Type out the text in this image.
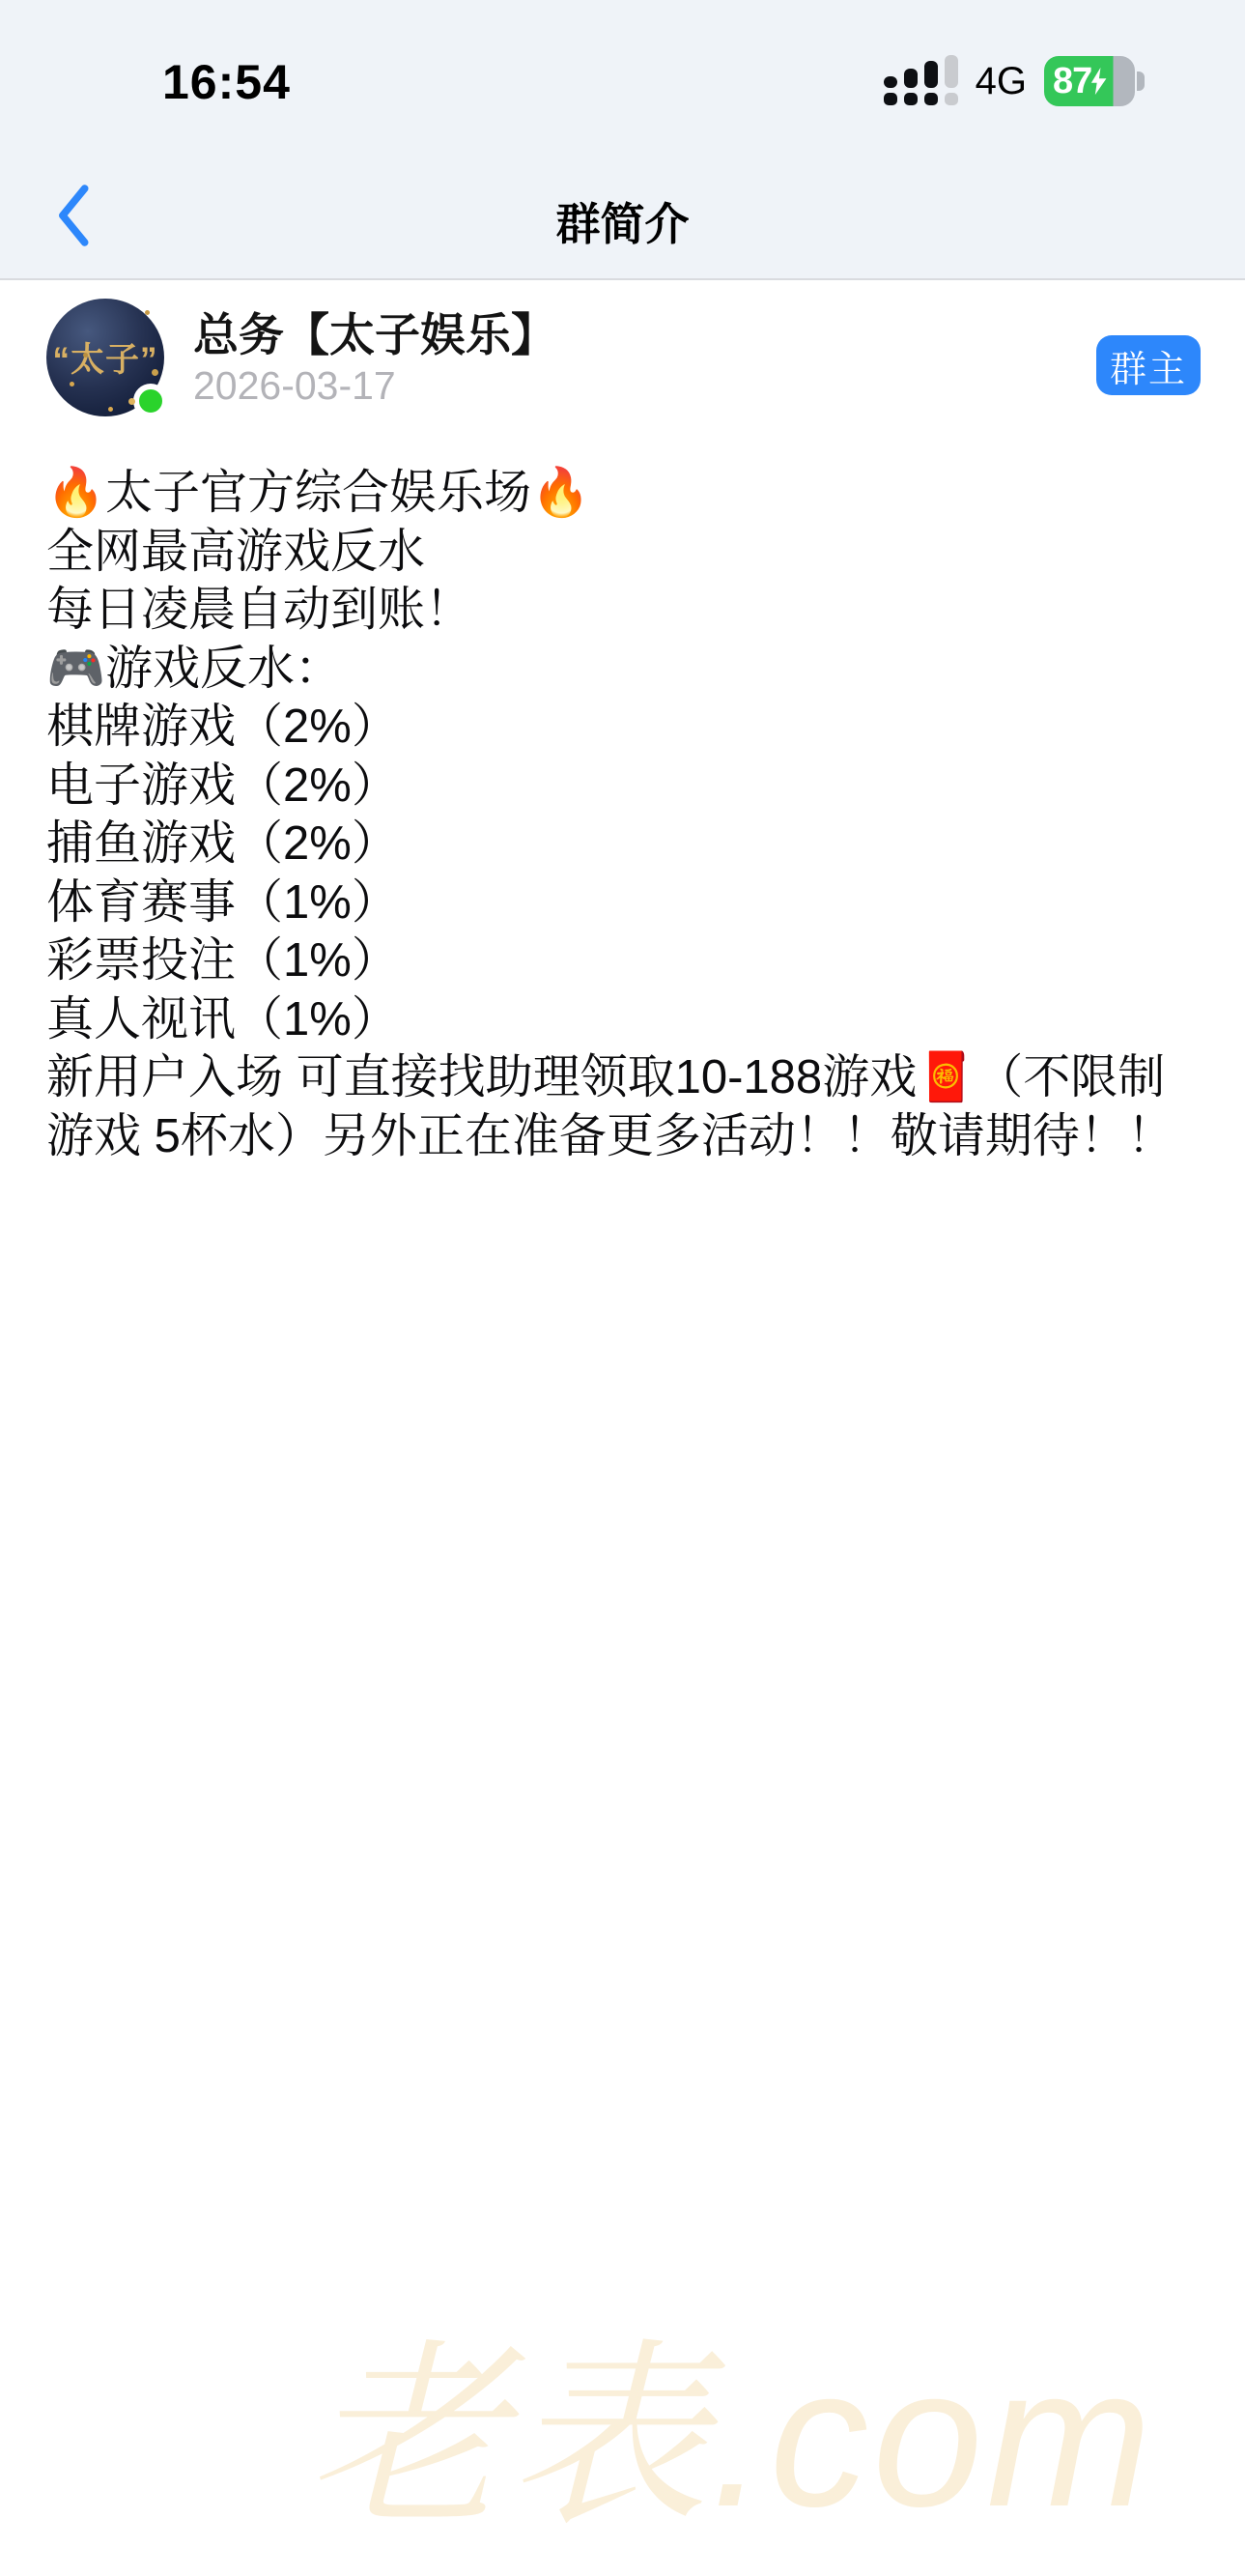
16:54	4G 87
群简介
“太子” 总务【太子娱乐】
2026-03-17	群主
🔥太子官方综合娱乐场🔥
全网最高游戏反水
每日凌晨自动到账！
🎮游戏反水：
棋牌游戏（2%）
电子游戏（2%）
捕鱼游戏（2%）
体育赛事（1%）
彩票投注（1%）
真人视讯（1%）
新用户入场 可直接找助理领取10-188游戏🧧（不限制游戏 5杯水）另外正在准备更多活动！！敬请期待！！
老表.com
